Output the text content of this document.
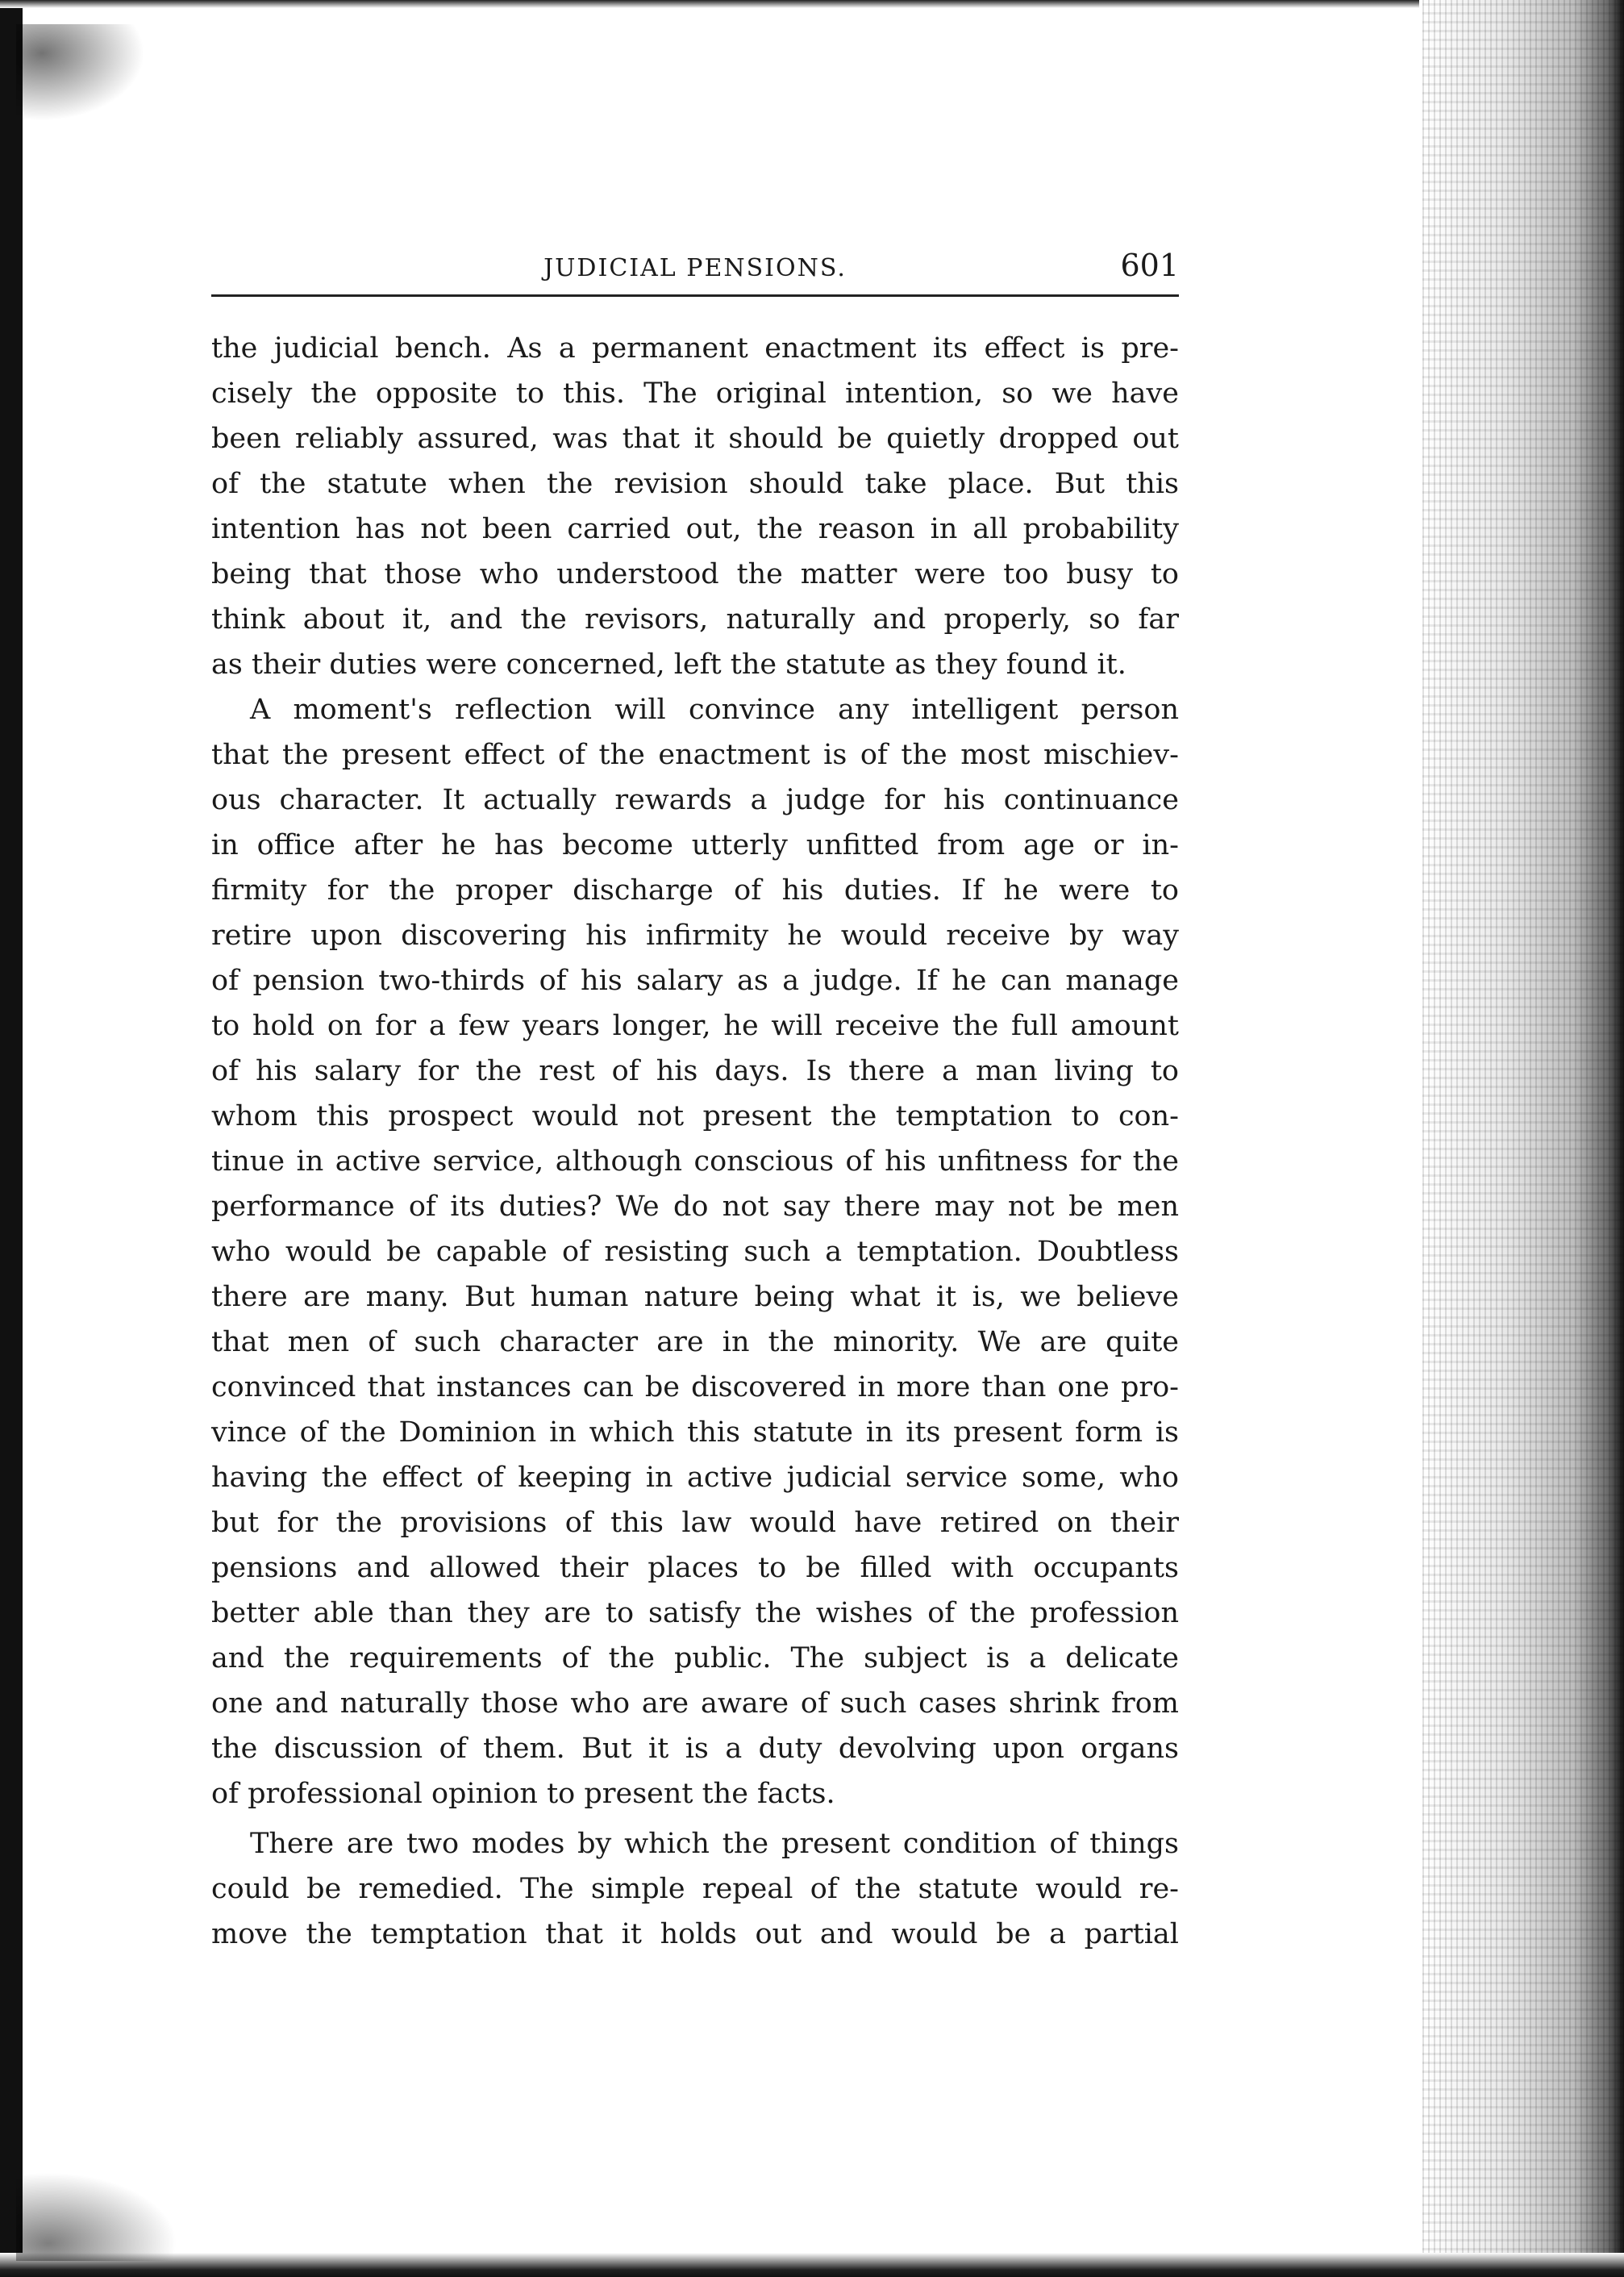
JUDICIAL PENSIONS.	601
the judicial bench. As a permanent enactment its effect is pre-
cisely the opposite to this. The original intention, so we have
been reliably assured, was that it should be quietly dropped out
of the statute when the revision should take place. But this
intention has not been carried out, the reason in all probability
being that those who understood the matter were too busy to
think about it, and the revisors, naturally and properly, so far
as their duties were concerned, left the statute as they found it.
A moment's reflection will convince any intelligent person
that the present effect of the enactment is of the most mischiev-
ous character. It actually rewards a judge for his continuance
in office after he has become utterly unfitted from age or in-
firmity for the proper discharge of his duties. If he were to
retire upon discovering his infirmity he would receive by way
of pension two-thirds of his salary as a judge. If he can manage
to hold on for a few years longer, he will receive the full amount
of his salary for the rest of his days. Is there a man living to
whom this prospect would not present the temptation to con-
tinue in active service, although conscious of his unfitness for the
performance of its duties? We do not say there may not be men
who would be capable of resisting such a temptation. Doubtless
there are many. But human nature being what it is, we believe
that men of such character are in the minority. We are quite
convinced that instances can be discovered in more than one pro-
vince of the Dominion in which this statute in its present form is
having the effect of keeping in active judicial service some, who
but for the provisions of this law would have retired on their
pensions and allowed their places to be filled with occupants
better able than they are to satisfy the wishes of the profession
and the requirements of the public. The subject is a delicate
one and naturally those who are aware of such cases shrink from
the discussion of them. But it is a duty devolving upon organs
of professional opinion to present the facts.
There are two modes by which the present condition of things
could be remedied. The simple repeal of the statute would re-
move the temptation that it holds out and would be a partial
